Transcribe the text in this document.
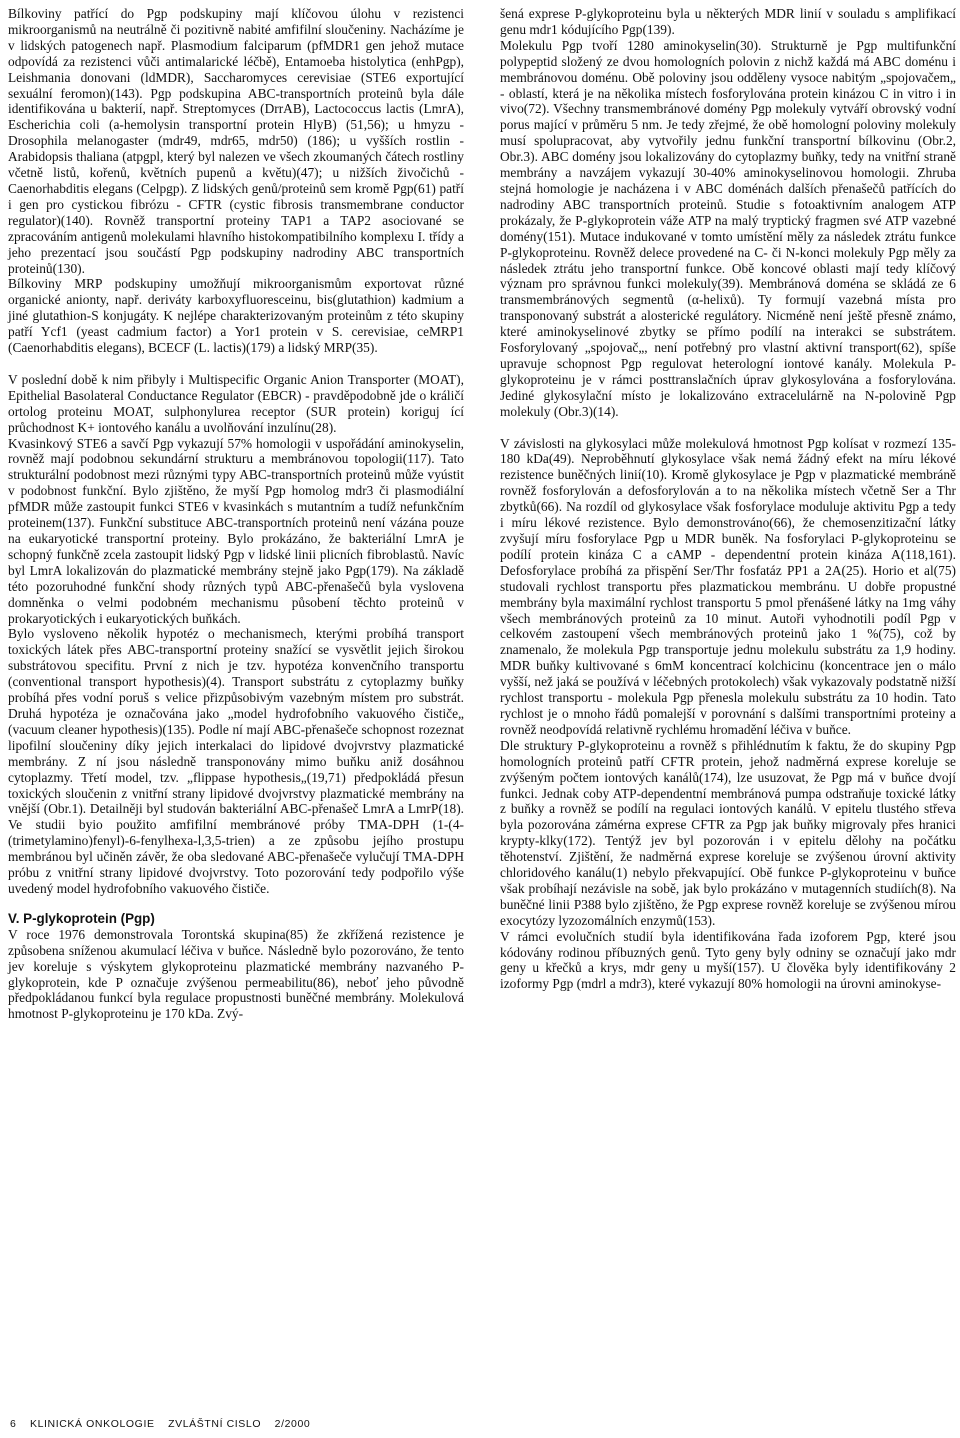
Bílkoviny patřící do Pgp podskupiny mají klíčovou úlohu v rezistenci mikroorganismů na neutrálně či pozitivně nabité amfifilní sloučeniny. Nacházíme je v lidských patogenech např. Plasmodium falciparum (pfMDR1 gen jehož mutace odpovídá za rezistenci vůči antimalarické léčbě), Entamoeba histolytica (enhPgp), Leishmania donovani (ldMDR), Saccharomyces cerevisiae (STE6 exportující sexuální feromon)(143). Pgp podskupina ABC-transportních proteinů byla dále identifikována u bakterií, např. Streptomyces (DrrAB), Lactococcus lactis (LmrA), Escherichia coli (a-hemolysin transportní protein HlyB) (51,56); u hmyzu - Drosophila melanogaster (mdr49, mdr65, mdr50) (186); u vyšších rostlin - Arabidopsis thaliana (atpgpl, který byl nalezen ve všech zkoumaných čátech rostliny včetně listů, kořenů, květních pupenů a květu)(47); u nižších živočichů - Caenorhabditis elegans (Celpgp). Z lidských genů/proteinů sem kromě Pgp(61) patří i gen pro cystickou fibrózu - CFTR (cystic fibrosis transmembrane conductor regulator)(140). Rovněž transportní proteiny TAP1 a TAP2 asociované se zpracováním antigenů molekulami hlavního histokompatibilního komplexu I. třídy a jeho prezentací jsou součástí Pgp podskupiny nadrodiny ABC transportních proteinů(130).

Bílkoviny MRP podskupiny umožňují mikroorganismům exportovat různé organické anionty, např. deriváty karboxyfluoresceinu, bis(glutathion) kadmium a jiné glutathion-S konjugáty. K nejlépe charakterizovaným proteinům z této skupiny patří Ycf1 (yeast cadmium factor) a Yor1 protein v S. cerevisiae, ceMRP1 (Caenorhabditis elegans), BCECF (L. lactis)(179) a lidský MRP(35).

V poslední době k nim přibyly i Multispecific Organic Anion Transporter (MOAT), Epithelial Basolateral Conductance Regulator (EBCR) - pravděpodobně jde o králičí ortolog proteinu MOAT, sulphonylurea receptor (SUR protein) koriguj ící průchodnost K+ iontového kanálu a uvolňování inzulínu(28).

Kvasinkový STE6 a savčí Pgp vykazují 57% homologii v uspořádání aminokyselin, rovněž mají podobnou sekundární strukturu a membránovou topologii(117). Tato strukturální podobnost mezi různými typy ABC-transportních proteinů může vyústit v podobnost funkční. Bylo zjištěno, že myší Pgp homolog mdr3 či plasmodiální pfMDR může zastoupit funkci STE6 v kvasinkách s mutantním a tudíž nefunkčním proteinem(137). Funkční substituce ABC-transportních proteinů není vázána pouze na eukaryotické transportní proteiny. Bylo prokázáno, že bakteriální LmrA je schopný funkčně zcela zastoupit lidský Pgp v lidské linii plicních fibroblastů. Navíc byl LmrA lokalizován do plazmatické membrány stejně jako Pgp(179). Na základě této pozoruhodné funkční shody různých typů ABC-přenašečů byla vyslovena domněnka o velmi podobném mechanismu působení těchto proteinů v prokaryotických i eukaryotických buňkách.

Bylo vysloveno několik hypotéz o mechanismech, kterými probíhá transport toxických látek přes ABC-transportní proteiny snažící se vysvětlit jejich širokou substrátovou specifitu. První z nich je tzv. hypotéza konvenčního transportu (conventional transport hypothesis)(4). Transport substrátu z cytoplazmy buňky probíhá přes vodní poruš s velice přizpůsobivým vazebným místem pro substrát. Druhá hypotéza je označována jako „model hydrofobního vakuového čističe„ (vacuum cleaner hypothesis)(135). Podle ní mají ABC-přenašeče schopnost rozeznat lipofilní sloučeniny díky jejich interkalaci do lipidové dvojvrstvy plazmatické membrány. Z ní jsou následně transponovány mimo buňku aniž dosáhnou cytoplazmy. Třetí model, tzv. „flippase hypothesis„(19,71) předpokládá přesun toxických sloučenin z vnitřní strany lipidové dvojvrstvy plazmatické membrány na vnější (Obr.1). Detailněji byl studován bakteriální ABC-přenašeč LmrA a LmrP(18). Ve studii byio použito amfifilní membránové próby TMA-DPH (1-(4-(trimetylamino)fenyl)-6-fenylhexa-l,3,5-trien) a ze způsobu jejího prostupu membránou byl učiněn závěr, že oba sledované ABC-přenašeče vylučují TMA-DPH próbu z vnitřní strany lipidové dvojvrstvy. Toto pozorování tedy podpořilo výše uvedený model hydrofobního vakuového čističe.

V. P-glykoprotein (Pgp)

V roce 1976 demonstrovala Torontská skupina(85) že zkřížená rezistence je způsobena sníženou akumulací léčiva v buňce. Následně bylo pozorováno, že tento jev koreluje s výskytem glykoproteinu plazmatické membrány nazvaného P-glykoprotein, kde P označuje zvýšenou permeabilitu(86), neboť jeho původně předpokládanou funkcí byla regulace propustnosti buněčné membrány. Molekulová hmotnost P-glykoproteinu je 170 kDa. Zvý-

šená exprese P-glykoproteinu byla u některých MDR linií v souladu s amplifikací genu mdr1 kódujícího Pgp(139).

Molekulu Pgp tvoří 1280 aminokyselin(30). Strukturně je Pgp multifunkční polypeptid složený ze dvou homologních polovin z nichž každá má ABC doménu i membránovou doménu. Obě poloviny jsou odděleny vysoce nabitým „spojovačem„ - oblastí, která je na několika místech fosforylována protein kinázou C in vitro i in vivo(72). Všechny transmembránové domény Pgp molekuly vytváří obrovský vodní porus mající v průměru 5 nm. Je tedy zřejmé, že obě homologní poloviny molekuly musí spolupracovat, aby vytvořily jednu funkční transportní bílkovinu (Obr.2, Obr.3). ABC domény jsou lokalizovány do cytoplazmy buňky, tedy na vnitřní straně membrány a navzájem vykazují 30-40% aminokyselinovou homologii. Zhruba stejná homologie je nacházena i v ABC doménách dalších přenašečů patřících do nadrodiny ABC transportních proteinů. Studie s fotoaktivním analogem ATP prokázaly, že P-glykoprotein váže ATP na malý tryptický fragmen své ATP vazebné domény(151). Mutace indukované v tomto umístění měly za následek ztrátu funkce P-glykoproteinu. Rovněž delece provedené na C- či N-konci molekuly Pgp měly za následek ztrátu jeho transportní funkce. Obě koncové oblasti mají tedy klíčový význam pro správnou funkci molekuly(39). Membránová doména se skládá ze 6 transmembránových segmentů (α-helixů). Ty formují vazebná místa pro transponovaný substrát a alosterické regulátory. Nicméně není ještě přesně známo, které aminokyselinové zbytky se přímo podílí na interakci se substrátem. Fosforylovaný „spojovač„, není potřebný pro vlastní aktivní transport(62), spíše upravuje schopnost Pgp regulovat heterologní iontové kanály. Molekula P-glykoproteinu je v rámci posttranslačních úprav glykosylována a fosforylována. Jediné glykosylační místo je lokalizováno extracelulárně na N-polovině Pgp molekuly (Obr.3)(14).

V závislosti na glykosylaci může molekulová hmotnost Pgp kolísat v rozmezí 135-180 kDa(49). Neproběhnutí glykosylace však nemá žádný efekt na míru lékové rezistence buněčných linií(10). Kromě glykosylace je Pgp v plazmatické membráně rovněž fosforylován a defosforylován a to na několika místech včetně Ser a Thr zbytků(66). Na rozdíl od glykosylace však fosforylace moduluje aktivitu Pgp a tedy i míru lékové rezistence. Bylo demonstrováno(66), že chemosenzitizační látky zvyšují míru fosforylace Pgp u MDR buněk. Na fosforylaci P-glykoproteinu se podílí protein kináza C a cAMP - dependentní protein kináza A(118,161). Defosforylace probíhá za přispění Ser/Thr fosfatáz PP1 a 2A(25). Horio et al(75) studovali rychlost transportu přes plazmatickou membránu. U dobře propustné membrány byla maximální rychlost transportu 5 pmol přenášené látky na 1mg váhy všech membránových proteinů za 10 minut. Autoři vyhodnotili podíl Pgp v celkovém zastoupení všech membránových proteinů jako 1 %(75), což by znamenalo, že molekula Pgp transportuje jednu molekulu substrátu za 1,9 hodiny. MDR buňky kultivované s 6mM koncentrací kolchicinu (koncentrace jen o málo vyšší, než jaká se používá v léčebných protokolech) však vykazovaly podstatně nižší rychlost transportu - molekula Pgp přenesla molekulu substrátu za 10 hodin. Tato rychlost je o mnoho řádů pomalejší v porovnání s dalšími transportními proteiny a rovněž neodpovídá relativně rychlému hromadění léčiva v buňce.

Dle struktury P-glykoproteinu a rovněž s přihlédnutím k faktu, že do skupiny Pgp homologních proteinů patří CFTR protein, jehož nadměrná exprese koreluje se zvýšeným počtem iontových kanálů(174), lze usuzovat, že Pgp má v buňce dvojí funkci. Jednak coby ATP-dependentní membránová pumpa odstraňuje toxické látky z buňky a rovněž se podílí na regulaci iontových kanálů. V epitelu tlustého střeva byla pozorována zámérna exprese CFTR za Pgp jak buňky migrovaly přes hranici krypty-klky(172). Tentýž jev byl pozorován i v epitelu dělohy na počátku těhotenství. Zjištění, že nadměrná exprese koreluje se zvýšenou úrovní aktivity chloridového kanálu(1) nebylo překvapující. Obě funkce P-glykoproteinu v buňce však probíhají nezávisle na sobě, jak bylo prokázáno v mutagenních studiích(8). Na buněčné linii P388 bylo zjištěno, že Pgp exprese rovněž koreluje se zvýšenou mírou exocytózy lyzozomálních enzymů(153).

V rámci evolučních studií byla identifikována řada izoforem Pgp, které jsou kódovány rodinou příbuzných genů. Tyto geny byly odniny se označují jako mdr geny u křečků a krys, mdr geny u myší(157). U člověka byly identifikovány 2 izoformy Pgp (mdrl a mdr3), které vykazují 80% homologii na úrovni aminokyse-

6 KLINICKÁ ONKOLOGIE ZVLÁŠTNÍ CISLO 2/2000
